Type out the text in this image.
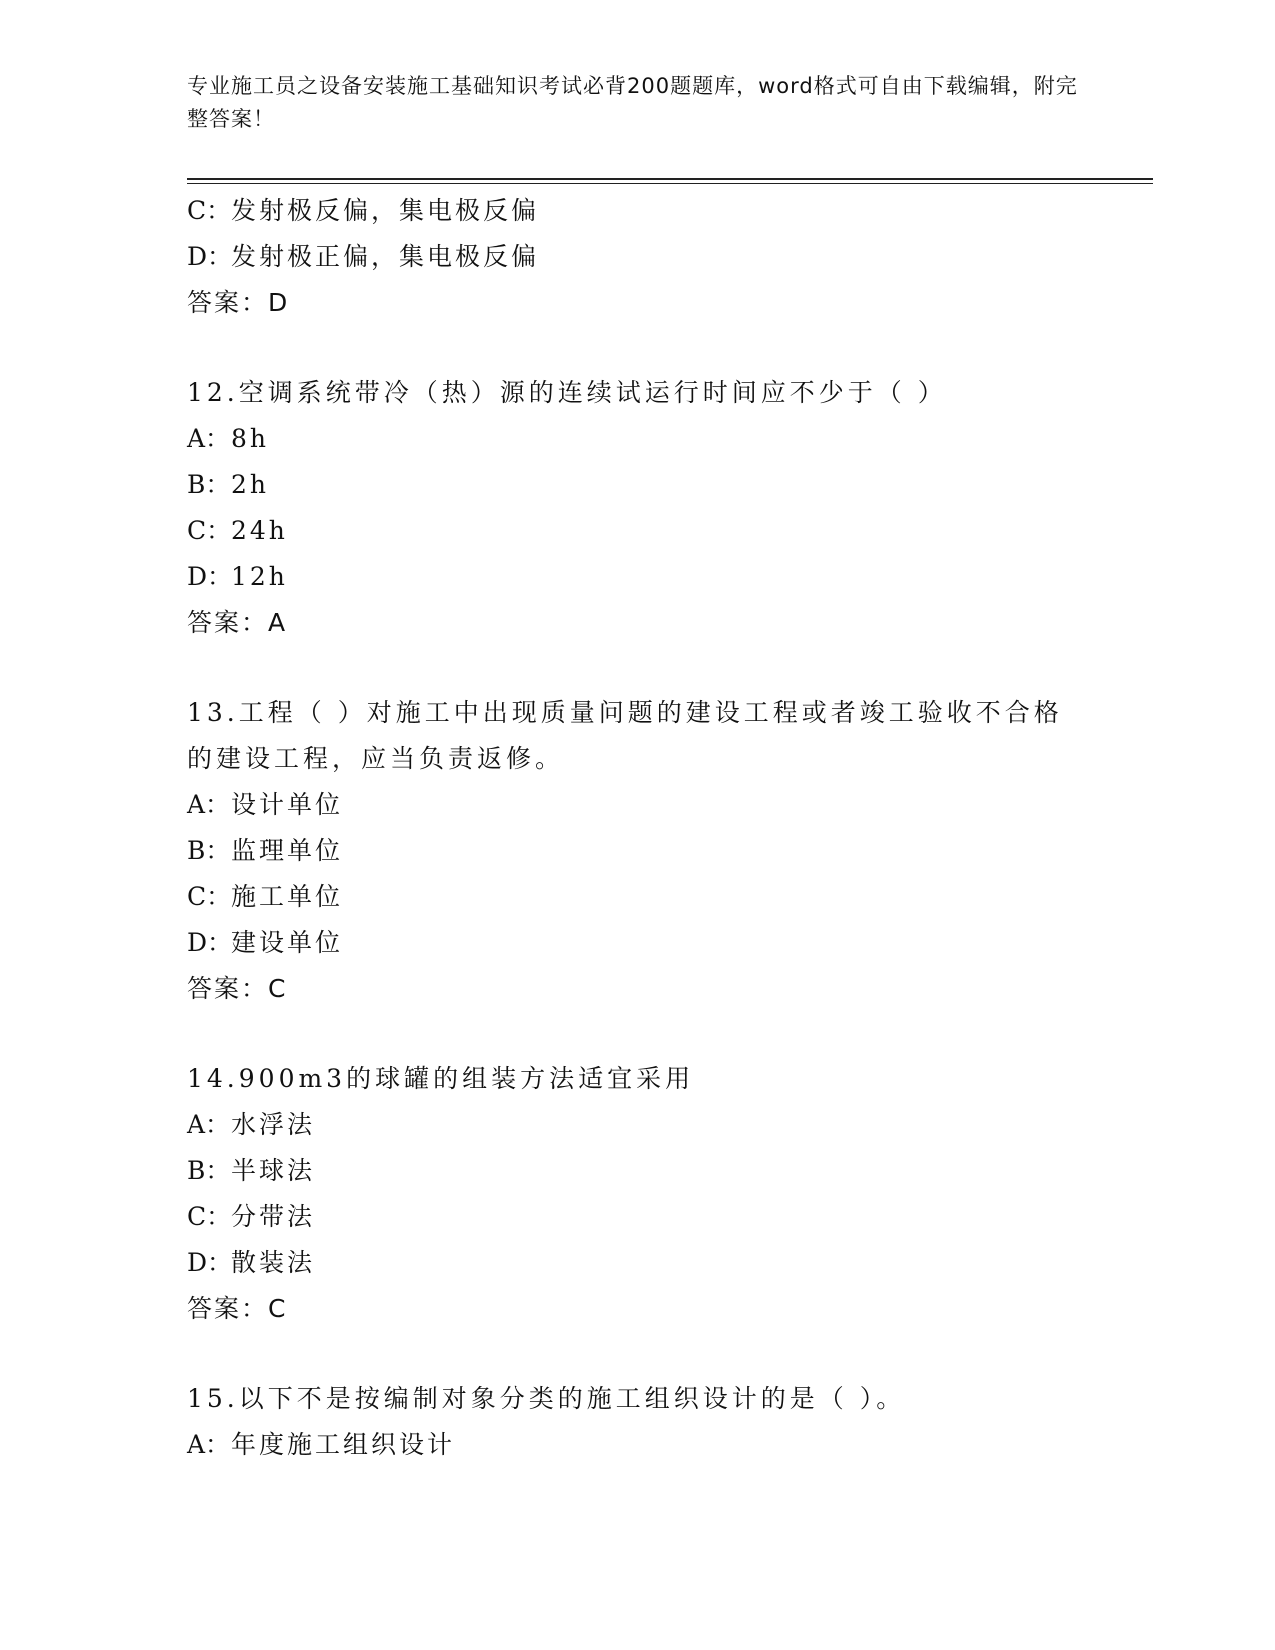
专业施工员之设备安装施工基础知识考试必背200题题库，word格式可自由下载编辑，附完整答案！
C：发射极反偏，集电极反偏
D：发射极正偏，集电极反偏
答案：D
12.空调系统带冷（热）源的连续试运行时间应不少于（ ）
A：8h
B：2h
C：24h
D：12h
答案：A
13.工程（ ）对施工中出现质量问题的建设工程或者竣工验收不合格的建设工程，应当负责返修。
A：设计单位
B：监理单位
C：施工单位
D：建设单位
答案：C
14.900m3的球罐的组装方法适宜采用
A：水浮法
B：半球法
C：分带法
D：散装法
答案：C
15.以下不是按编制对象分类的施工组织设计的是（ ）。
A：年度施工组织设计
